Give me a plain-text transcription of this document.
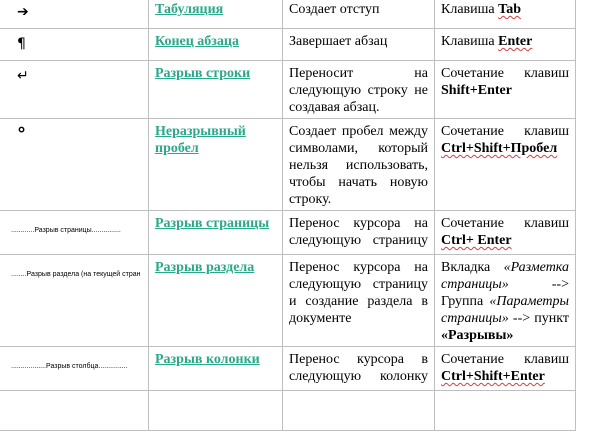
➔	Табуляция	Создает отступ	Клавиша Tab
¶	Конец абзаца	Завершает абзац	Клавиша Enter
↵	Разрыв строки	Переносит на
следующую строку не

создавая абзац.	Сочетание клавиш

Shift+Enter

°	Неразрывный пробел	Создает пробел между символами, который нельзя использовать, чтобы начать новую строку.	Сочетание клавиш

Ctrl+Shift+Пробел

............Разрыв страницы...............	Разрыв страницы	Перенос курсора на следующую страницу	Сочетание клавиш

Ctrl+ Enter

........Разрыв раздела (на текущей стран	Разрыв раздела	Перенос курсора на следующую страницу и создание раздела в документе	Вкладка «Разметка страницы» --> Группа «Параметры страницы» --> пункт «Разрывы»
..................Разрыв столбца...............	Разрыв колонки	Перенос курсора в следующую колонку	Сочетание клавиш

Ctrl+Shift+Enter
